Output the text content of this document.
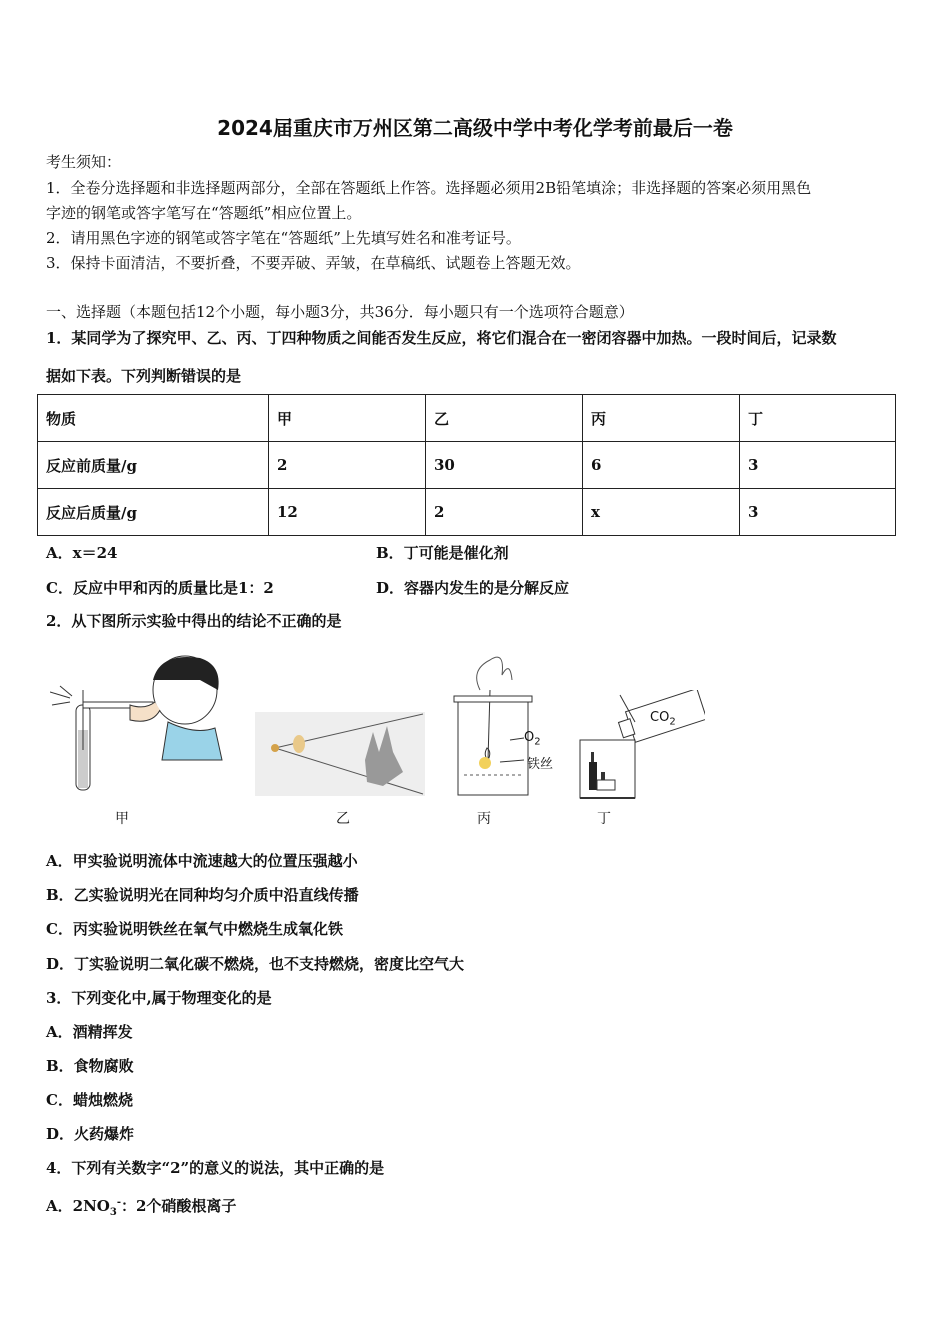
2024届重庆市万州区第二高级中学中考化学考前最后一卷
考生须知：
1．全卷分选择题和非选择题两部分，全部在答题纸上作答。选择题必须用2B铅笔填涂；非选择题的答案必须用黑色
字迹的钢笔或答字笔写在“答题纸”相应位置上。
2．请用黑色字迹的钢笔或答字笔在“答题纸”上先填写姓名和准考证号。
3．保持卡面清洁，不要折叠，不要弄破、弄皱，在草稿纸、试题卷上答题无效。
一、选择题（本题包括12个小题，每小题3分，共36分．每小题只有一个选项符合题意）
1．某同学为了探究甲、乙、丙、丁四种物质之间能否发生反应，将它们混合在一密闭容器中加热。一段时间后，记录数
据如下表。下列判断错误的是
物质	甲	乙	丙	丁
反应前质量/g	2	30	6	3
反应后质量/g	12	2	x	3
A．x＝24	B．丁可能是催化剂
C．反应中甲和丙的质量比是1：2	D．容器内发生的是分解反应
2．从下图所示实验中得出的结论不正确的是
$O_2$
铁丝
$CO_2$
甲	乙	丙	丁
A．甲实验说明流体中流速越大的位置压强越小
B．乙实验说明光在同种均匀介质中沿直线传播
C．丙实验说明铁丝在氧气中燃烧生成氧化铁
D．丁实验说明二氧化碳不燃烧，也不支持燃烧，密度比空气大
3．下列变化中,属于物理变化的是
A．酒精挥发
B．食物腐败
C．蜡烛燃烧
D．火药爆炸
4．下列有关数字“2”的意义的说法，其中正确的是
A．$2NO_3^-$：2个硝酸根离子
